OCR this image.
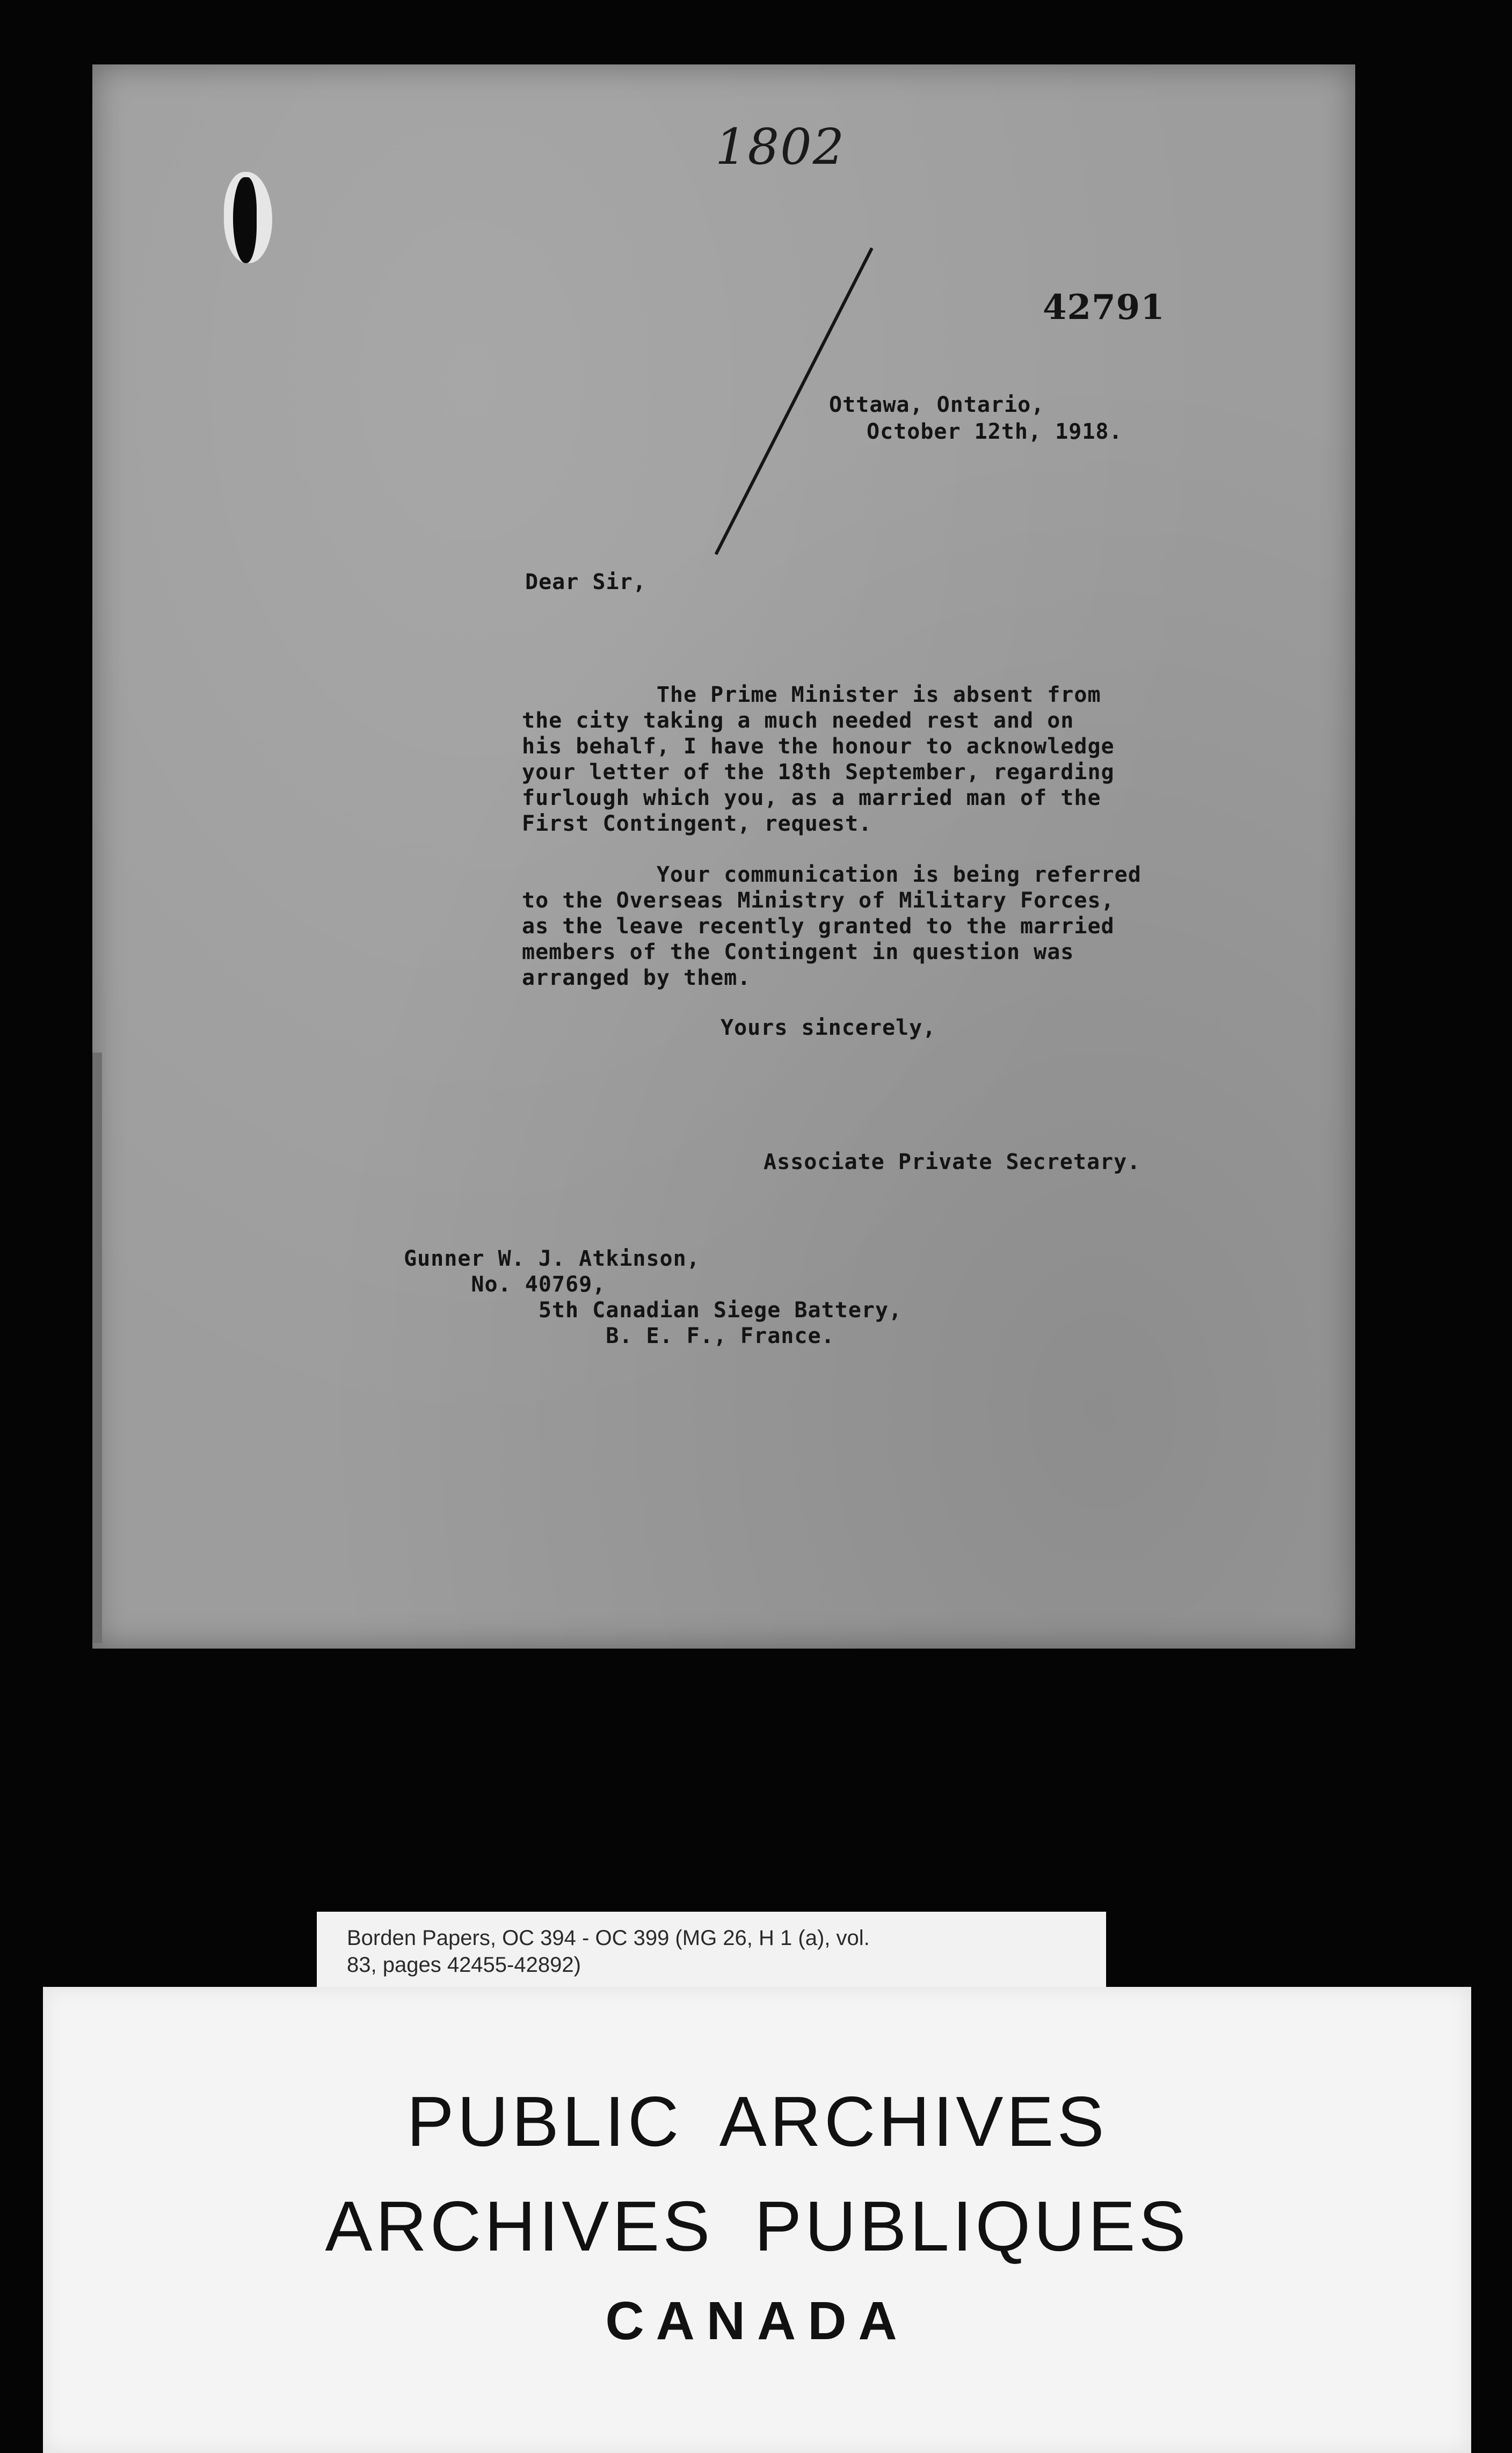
1802
42791
Ottawa, Ontario,
October 12th, 1918.
Dear Sir,
The Prime Minister is absent from
the city taking a much needed rest and on
his behalf, I have the honour to acknowledge
your letter of the 18th September, regarding
furlough which you, as a married man of the
First Contingent, request.
Your communication is being referred
to the Overseas Ministry of Military Forces,
as the leave recently granted to the married
members of the Contingent in question was
arranged by them.
Yours sincerely,
Associate Private Secretary.
Gunner W. J. Atkinson,
No. 40769,
5th Canadian Siege Battery,
B. E. F., France.
Borden Papers, OC 394 - OC 399 (MG 26, H 1 (a), vol.
83, pages 42455-42892)
PUBLIC ARCHIVES
ARCHIVES PUBLIQUES
CANADA
